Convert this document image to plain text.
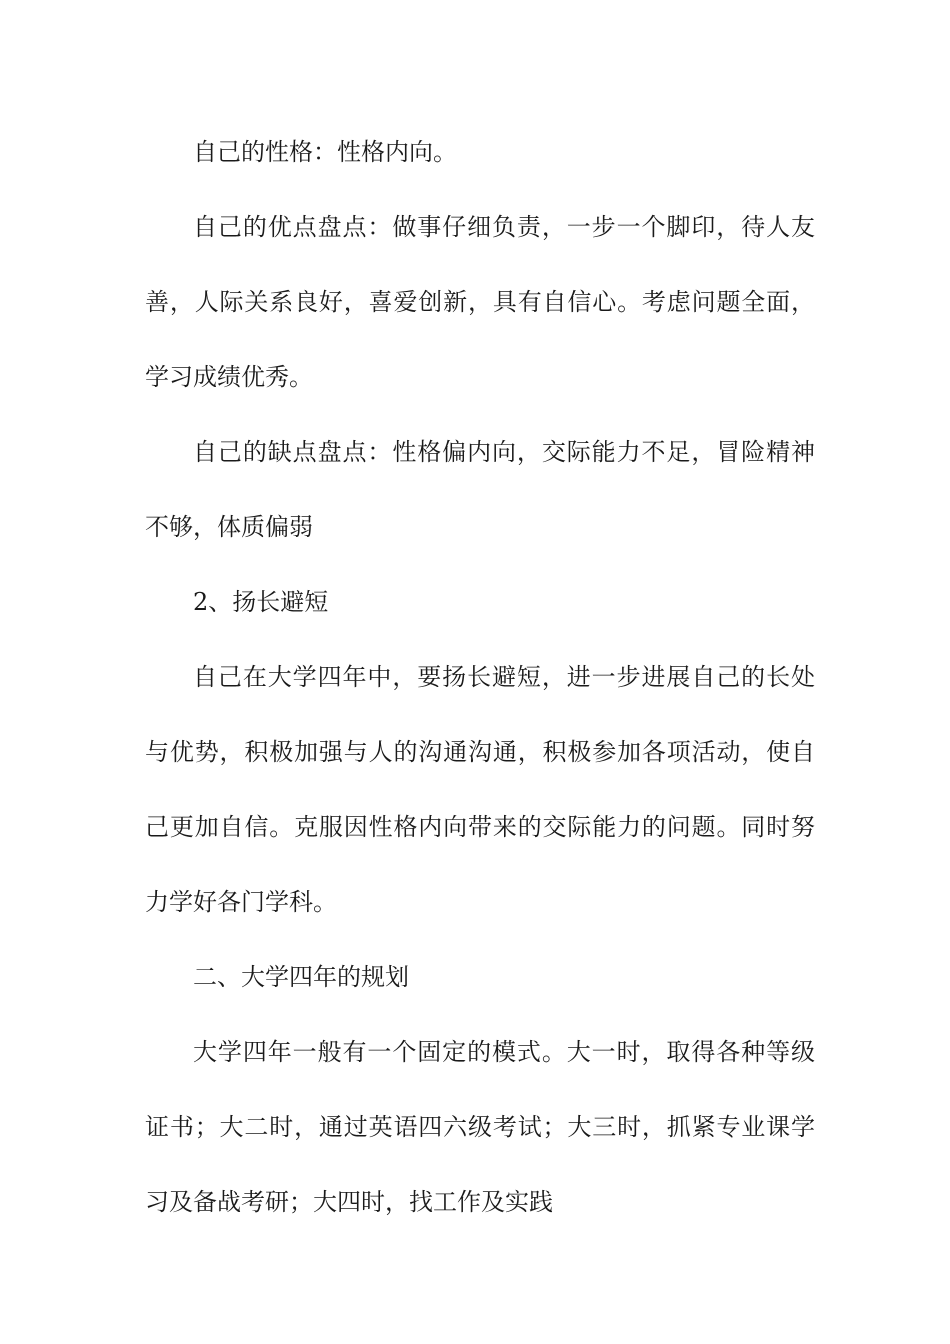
自己的性格：性格内向。
自己的优点盘点：做事仔细负责，一步一个脚印，待人友
善，人际关系良好，喜爱创新，具有自信心。考虑问题全面，
学习成绩优秀。
自己的缺点盘点：性格偏内向，交际能力不足，冒险精神
不够，体质偏弱
2、扬长避短
自己在大学四年中，要扬长避短，进一步进展自己的长处
与优势，积极加强与人的沟通沟通，积极参加各项活动，使自
己更加自信。克服因性格内向带来的交际能力的问题。同时努
力学好各门学科。
二、大学四年的规划
大学四年一般有一个固定的模式。大一时，取得各种等级
证书；大二时，通过英语四六级考试；大三时，抓紧专业课学
习及备战考研；大四时，找工作及实践
